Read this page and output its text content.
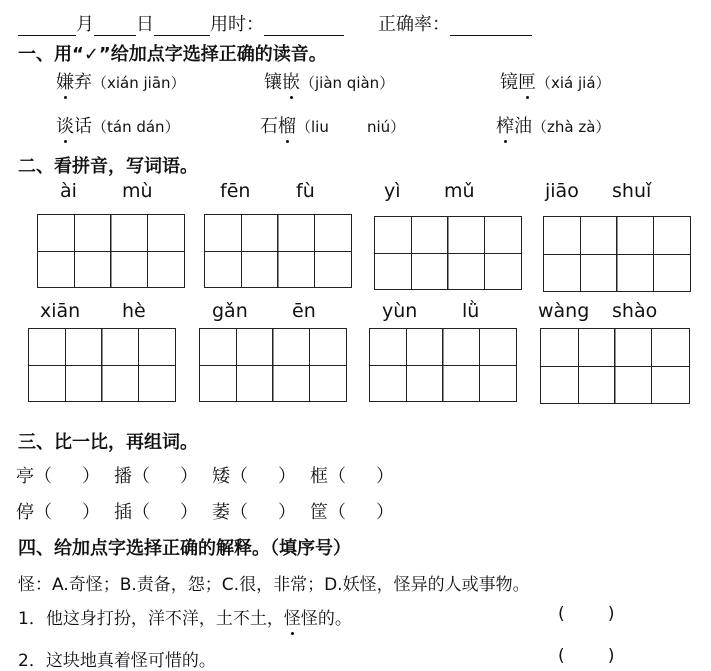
月 日	用时：	正确率：
一、用“✓”给加点字选择正确的读音。
嫌弃（xián jiān）	镶嵌（jiàn qiàn）	镜匣（xiá jiá）
谈话（tán dán）	石榴（liu        niú）	榨油（zhà zà）
二、看拼音，写词语。
ài mù	fēn fù	yì mǔ	jiāo shuǐ
xiān hè	gǎn ēn	yùn lǜ	wàng shào
三、比一比，再组词。
亭（ ） 播（ ） 矮（ ） 框（ ）
停（ ） 插（ ） 萎（ ） 筐（ ）
四、给加点字选择正确的解释。（填序号）
怪：A.奇怪；B.责备，怨；C.很，非常；D.妖怪，怪异的人或事物。
1．他这身打扮，洋不洋，土不土，怪怪的。	(        )
2．这块地真着怪可惜的。	(        )
